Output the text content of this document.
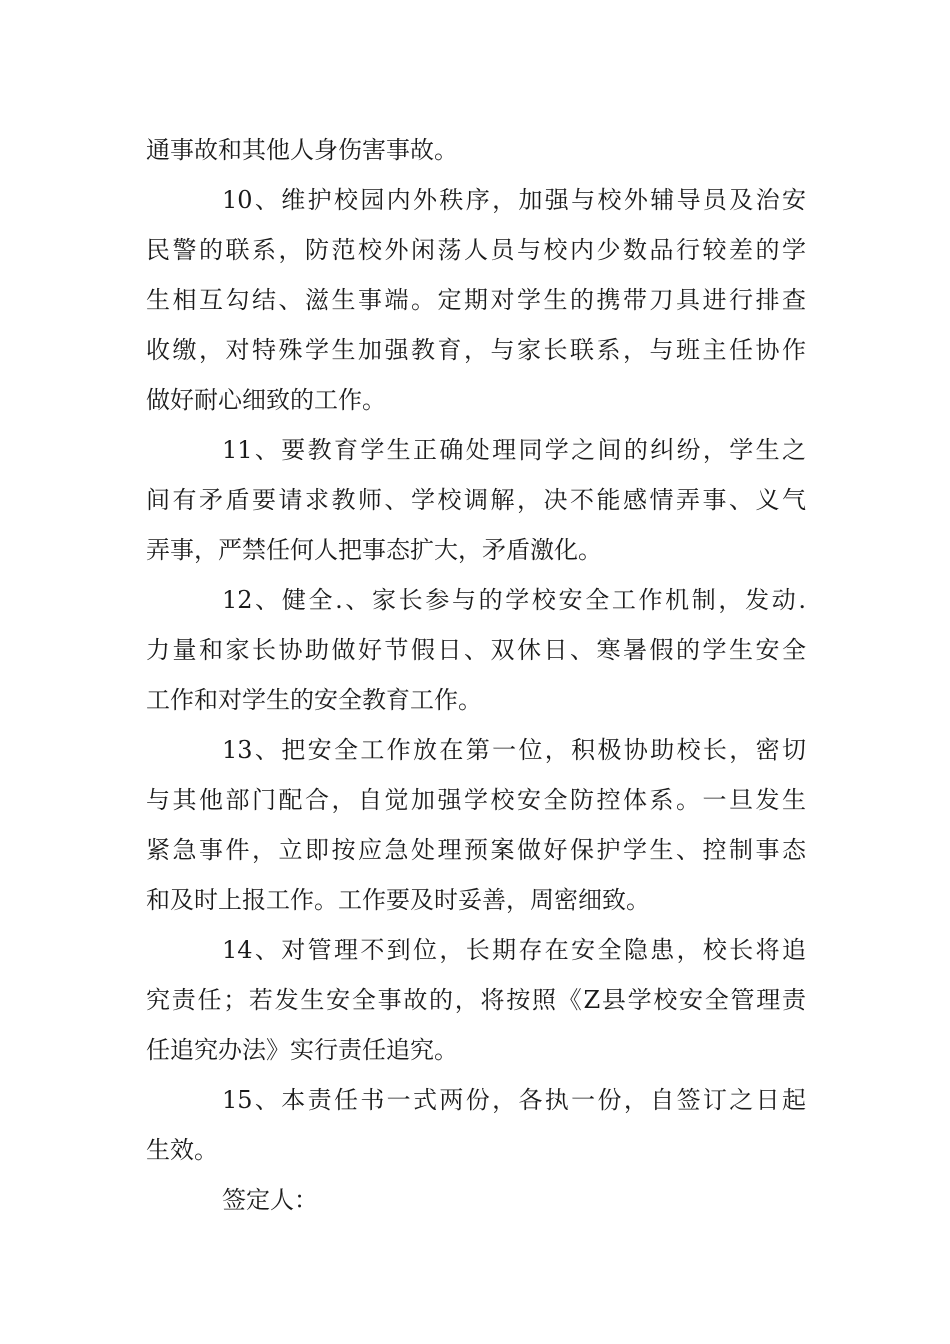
通事故和其他人身伤害事故。
10、维护校园内外秩序，加强与校外辅导员及治安
民警的联系，防范校外闲荡人员与校内少数品行较差的学
生相互勾结、滋生事端。定期对学生的携带刀具进行排查
收缴，对特殊学生加强教育，与家长联系，与班主任协作
做好耐心细致的工作。
11、要教育学生正确处理同学之间的纠纷，学生之
间有矛盾要请求教师、学校调解，决不能感情弄事、义气
弄事，严禁任何人把事态扩大，矛盾激化。
12、健全.、家长参与的学校安全工作机制，发动.
力量和家长协助做好节假日、双休日、寒暑假的学生安全
工作和对学生的安全教育工作。
13、把安全工作放在第一位，积极协助校长，密切
与其他部门配合，自觉加强学校安全防控体系。一旦发生
紧急事件，立即按应急处理预案做好保护学生、控制事态
和及时上报工作。工作要及时妥善，周密细致。
14、对管理不到位，长期存在安全隐患，校长将追
究责任；若发生安全事故的，将按照《Z县学校安全管理责
任追究办法》实行责任追究。
15、本责任书一式两份，各执一份，自签订之日起
生效。
签定人：
